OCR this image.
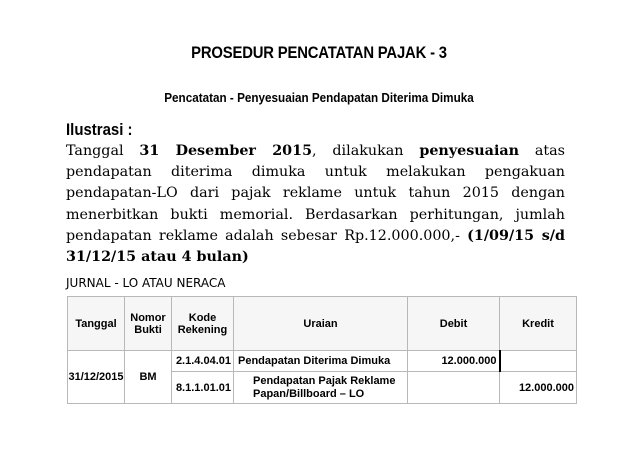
PROSEDUR PENCATATAN PAJAK - 3
Pencatatan - Penyesuaian Pendapatan Diterima Dimuka
Ilustrasi :
Tanggal 31 Desember 2015, dilakukan penyesuaian atas pendapatan diterima dimuka untuk melakukan pengakuan pendapatan-LO dari pajak reklame untuk tahun 2015 dengan menerbitkan bukti memorial. Berdasarkan perhitungan, jumlah pendapatan reklame adalah sebesar Rp.12.000.000,- (1/09/15 s/d 31/12/15 atau 4 bulan)
JURNAL - LO ATAU NERACA
Tanggal	Nomor Bukti	Kode Rekening	Uraian	Debit	Kredit
31/12/2015	BM	2.1.4.04.01	Pendapatan Diterima Dimuka	12.000.000	
		8.1.1.01.01	Pendapatan Pajak Reklame Papan/Billboard – LO		12.000.000
